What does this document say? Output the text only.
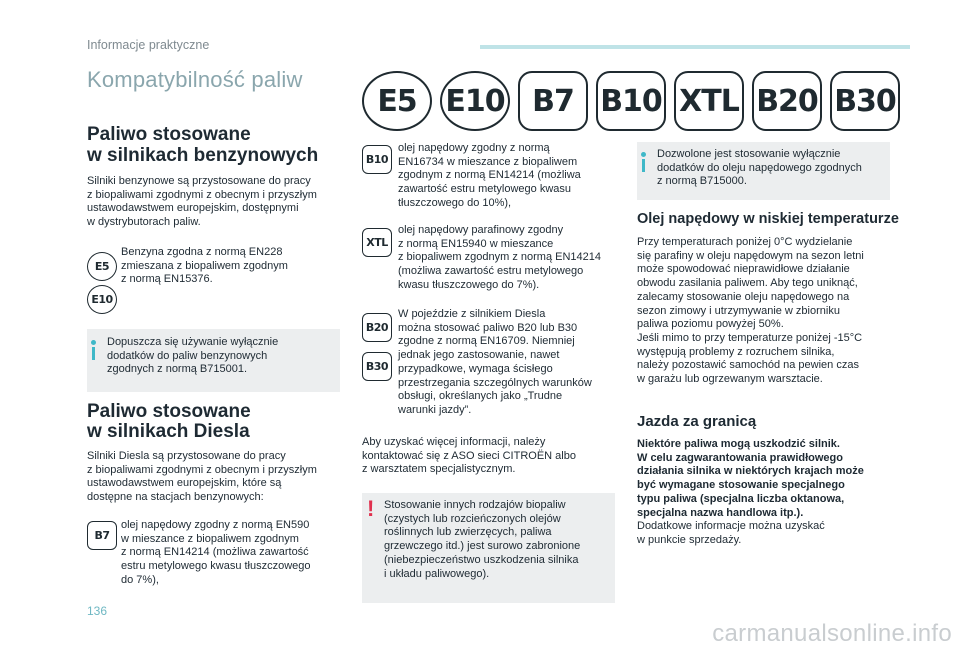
Informacje praktyczne
Kompatybilność paliw
E5 E10 B7 B10 XTL B20 B30
Paliwo stosowane
w silnikach benzynowych
Silniki benzynowe są przystosowane do pracy
z biopaliwami zgodnymi z obecnym i przyszłym
ustawodawstwem europejskim, dostępnymi
w dystrybutorach paliw.
E5
E10
Benzyna zgodna z normą EN228
zmieszana z biopaliwem zgodnym
z normą EN15376.
Dopuszcza się używanie wyłącznie
dodatków do paliw benzynowych
zgodnych z normą B715001.
Paliwo stosowane
w silnikach Diesla
Silniki Diesla są przystosowane do pracy
z biopaliwami zgodnymi z obecnym i przyszłym
ustawodawstwem europejskim, które są
dostępne na stacjach benzynowych:
B7
olej napędowy zgodny z normą EN590
w mieszance z biopaliwem zgodnym
z normą EN14214 (możliwa zawartość
estru metylowego kwasu tłuszczowego
do 7%),
B10
olej napędowy zgodny z normą
EN16734 w mieszance z biopaliwem
zgodnym z normą EN14214 (możliwa
zawartość estru metylowego kwasu
tłuszczowego do 10%),
XTL
olej napędowy parafinowy zgodny
z normą EN15940 w mieszance
z biopaliwem zgodnym z normą EN14214
(możliwa zawartość estru metylowego
kwasu tłuszczowego do 7%).
B20
B30
W pojeździe z silnikiem Diesla
można stosować paliwo B20 lub B30
zgodne z normą EN16709. Niemniej
jednak jego zastosowanie, nawet
przypadkowe, wymaga ścisłego
przestrzegania szczególnych warunków
obsługi, określanych jako „Trudne
warunki jazdy”.
Aby uzyskać więcej informacji, należy
kontaktować się z ASO sieci CITROËN albo
z warsztatem specjalistycznym.
! Stosowanie innych rodzajów biopaliw
(czystych lub rozcieńczonych olejów
roślinnych lub zwierzęcych, paliwa
grzewczego itd.) jest surowo zabronione
(niebezpieczeństwo uszkodzenia silnika
i układu paliwowego).
Dozwolone jest stosowanie wyłącznie
dodatków do oleju napędowego zgodnych
z normą B715000.
Olej napędowy w niskiej temperaturze
Przy temperaturach poniżej 0°C wydzielanie
się parafiny w oleju napędowym na sezon letni
może spowodować nieprawidłowe działanie
obwodu zasilania paliwem. Aby tego uniknąć,
zalecamy stosowanie oleju napędowego na
sezon zimowy i utrzymywanie w zbiorniku
paliwa poziomu powyżej 50%.
Jeśli mimo to przy temperaturze poniżej -15°C
występują problemy z rozruchem silnika,
należy pozostawić samochód na pewien czas
w garażu lub ogrzewanym warsztacie.
Jazda za granicą
Niektóre paliwa mogą uszkodzić silnik.
W celu zagwarantowania prawidłowego
działania silnika w niektórych krajach może
być wymagane stosowanie specjalnego
typu paliwa (specjalna liczba oktanowa,
specjalna nazwa handlowa itp.).
Dodatkowe informacje można uzyskać
w punkcie sprzedaży.
136
carmanualsonline.info
